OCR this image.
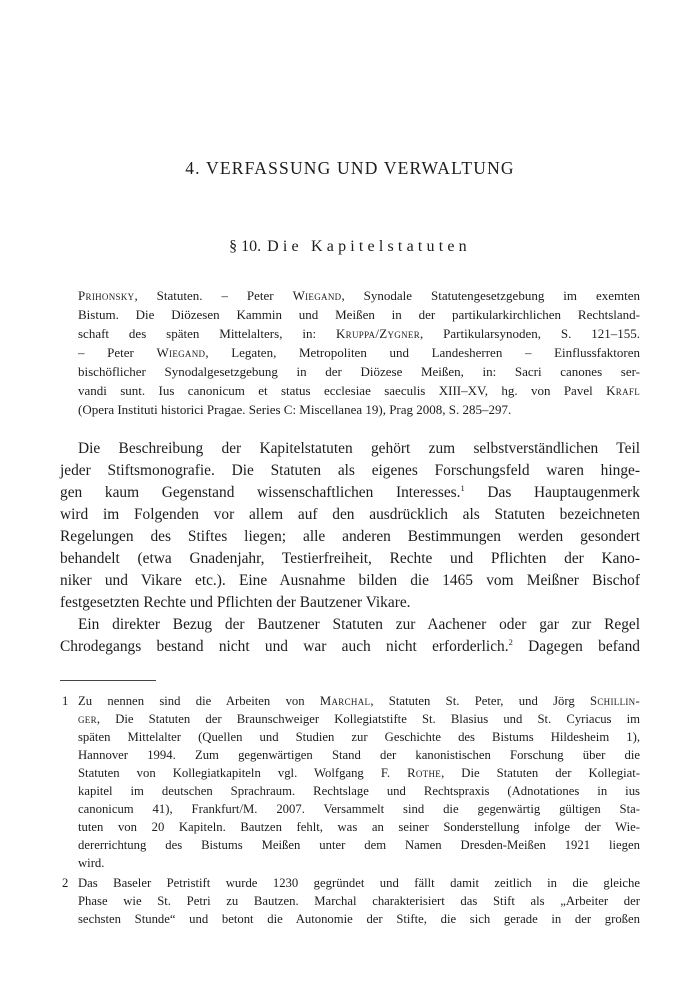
4. VERFASSUNG UND VERWALTUNG
§ 10. Die Kapitelstatuten
Prihonsky, Statuten. – Peter Wiegand, Synodale Statutengesetzgebung im exemten
Bistum. Die Diözesen Kammin und Meißen in der partikularkirchlichen Rechtsland-
schaft des späten Mittelalters, in: Kruppa/Zygner, Partikularsynoden, S. 121–155.
– Peter Wiegand, Legaten, Metropoliten und Landesherren – Einflussfaktoren
bischöflicher Synodalgesetzgebung in der Diözese Meißen, in: Sacri canones ser-
vandi sunt. Ius canonicum et status ecclesiae saeculis XIII–XV, hg. von Pavel Krafl
(Opera Instituti historici Pragae. Series C: Miscellanea 19), Prag 2008, S. 285–297.
Die Beschreibung der Kapitelstatuten gehört zum selbstverständlichen Teil
jeder Stiftsmonografie. Die Statuten als eigenes Forschungsfeld waren hinge-
gen kaum Gegenstand wissenschaftlichen Interesses.$^1$ Das Hauptaugenmerk
wird im Folgenden vor allem auf den ausdrücklich als Statuten bezeichneten
Regelungen des Stiftes liegen; alle anderen Bestimmungen werden gesondert
behandelt (etwa Gnadenjahr, Testierfreiheit, Rechte und Pflichten der Kano-
niker und Vikare etc.). Eine Ausnahme bilden die 1465 vom Meißner Bischof
festgesetzten Rechte und Pflichten der Bautzener Vikare.
Ein direkter Bezug der Bautzener Statuten zur Aachener oder gar zur Regel
Chrodegangs bestand nicht und war auch nicht erforderlich.$^2$ Dagegen befand
1 Zu nennen sind die Arbeiten von Marchal, Statuten St. Peter, und Jörg Schillin-
ger, Die Statuten der Braunschweiger Kollegiatstifte St. Blasius und St. Cyriacus im
späten Mittelalter (Quellen und Studien zur Geschichte des Bistums Hildesheim 1),
Hannover 1994. Zum gegenwärtigen Stand der kanonistischen Forschung über die
Statuten von Kollegiatkapiteln vgl. Wolfgang F. Rothe, Die Statuten der Kollegiat-
kapitel im deutschen Sprachraum. Rechtslage und Rechtspraxis (Adnotationes in ius
canonicum 41), Frankfurt/M. 2007. Versammelt sind die gegenwärtig gültigen Sta-
tuten von 20 Kapiteln. Bautzen fehlt, was an seiner Sonderstellung infolge der Wie-
dererrichtung des Bistums Meißen unter dem Namen Dresden-Meißen 1921 liegen
wird.
2 Das Baseler Petristift wurde 1230 gegründet und fällt damit zeitlich in die gleiche
Phase wie St. Petri zu Bautzen. Marchal charakterisiert das Stift als „Arbeiter der
sechsten Stunde“ und betont die Autonomie der Stifte, die sich gerade in der großen
